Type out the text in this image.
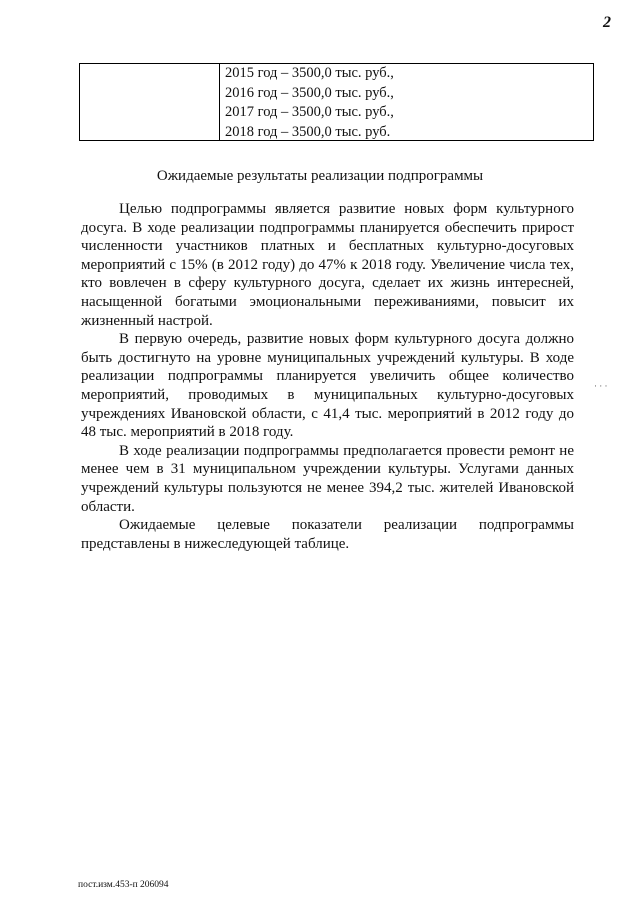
2
2015 год – 3500,0 тыс. руб.,
2016 год – 3500,0 тыс. руб.,
2017 год – 3500,0 тыс. руб.,
2018 год – 3500,0 тыс. руб.
Ожидаемые результаты реализации подпрограммы

Целью подпрограммы является развитие новых форм культурного досуга. В ходе реализации подпрограммы планируется обеспечить прирост численности участников платных и бесплатных культурно-досуговых мероприятий с 15% (в 2012 году) до 47% к 2018 году. Увеличение числа тех, кто вовлечен в сферу культурного досуга, сделает их жизнь интересней, насыщенной богатыми эмоциональными переживаниями, повысит их жизненный настрой.

В первую очередь, развитие новых форм культурного досуга должно быть достигнуто на уровне муниципальных учреждений культуры. В ходе реализации подпрограммы планируется увеличить общее количество мероприятий, проводимых в муниципальных культурно-досуговых учреждениях Ивановской области, с 41,4 тыс. мероприятий в 2012 году до 48 тыс. мероприятий в 2018 году.

В ходе реализации подпрограммы предполагается провести ремонт не менее чем в 31 муниципальном учреждении культуры. Услугами данных учреждений культуры пользуются не менее 394,2 тыс. жителей Ивановской области.

Ожидаемые целевые показатели реализации подпрограммы представлены в нижеследующей таблице.

· · ·
пост.изм.453-п 206094
